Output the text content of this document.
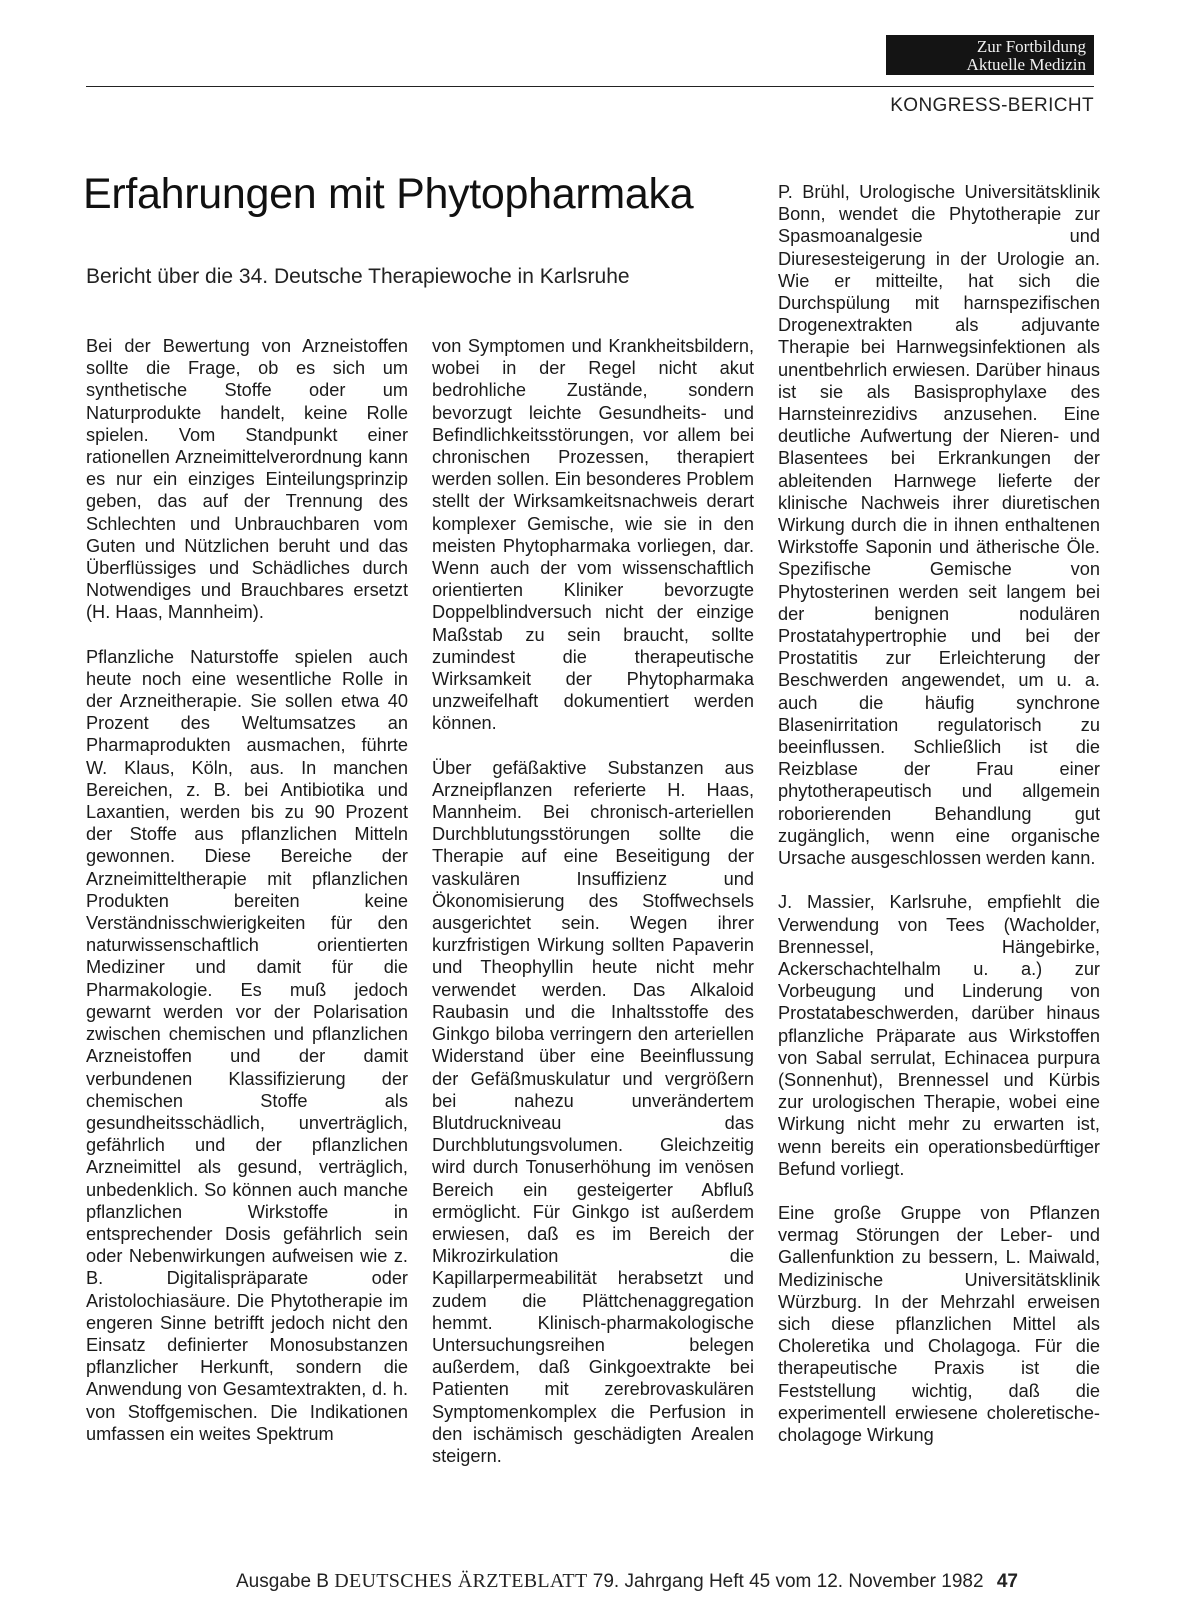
Zur Fortbildung
Aktuelle Medizin
KONGRESS-BERICHT
Erfahrungen mit Phytopharmaka
Bericht über die 34. Deutsche Therapiewoche in Karlsruhe

Bei der Bewertung von Arzneistoffen sollte die Frage, ob es sich um synthetische Stoffe oder um Naturprodukte handelt, keine Rolle spielen. Vom Standpunkt einer rationellen Arzneimittelverordnung kann es nur ein einziges Einteilungsprinzip geben, das auf der Trennung des Schlechten und Unbrauchbaren vom Guten und Nützlichen beruht und das Überflüssiges und Schädliches durch Notwendiges und Brauchbares ersetzt (H. Haas, Mannheim).

Pflanzliche Naturstoffe spielen auch heute noch eine wesentliche Rolle in der Arzneitherapie. Sie sollen etwa 40 Prozent des Weltumsatzes an Pharmaprodukten ausmachen, führte W. Klaus, Köln, aus. In manchen Bereichen, z. B. bei Antibiotika und Laxantien, werden bis zu 90 Prozent der Stoffe aus pflanzlichen Mitteln gewonnen. Diese Bereiche der Arzneimitteltherapie mit pflanzlichen Produkten bereiten keine Verständnisschwierigkeiten für den naturwissenschaftlich orientierten Mediziner und damit für die Pharmakologie. Es muß jedoch gewarnt werden vor der Polarisation zwischen chemischen und pflanzlichen Arzneistoffen und der damit verbundenen Klassifizierung der chemischen Stoffe als gesundheitsschädlich, unverträglich, gefährlich und der pflanzlichen Arzneimittel als gesund, verträglich, unbedenklich. So können auch manche pflanzlichen Wirkstoffe in entsprechender Dosis gefährlich sein oder Nebenwirkungen aufweisen wie z. B. Digitalispräparate oder Aristolochiasäure. Die Phytotherapie im engeren Sinne betrifft jedoch nicht den Einsatz definierter Monosubstanzen pflanzlicher Herkunft, sondern die Anwendung von Gesamtextrakten, d. h. von Stoffgemischen. Die Indikationen umfassen ein weites Spektrum

von Symptomen und Krankheitsbildern, wobei in der Regel nicht akut bedrohliche Zustände, sondern bevorzugt leichte Gesundheits- und Befindlichkeitsstörungen, vor allem bei chronischen Prozessen, therapiert werden sollen. Ein besonderes Problem stellt der Wirksamkeitsnachweis derart komplexer Gemische, wie sie in den meisten Phytopharmaka vorliegen, dar. Wenn auch der vom wissenschaftlich orientierten Kliniker bevorzugte Doppelblindversuch nicht der einzige Maßstab zu sein braucht, sollte zumindest die therapeutische Wirksamkeit der Phytopharmaka unzweifelhaft dokumentiert werden können.

Über gefäßaktive Substanzen aus Arzneipflanzen referierte H. Haas, Mannheim. Bei chronisch-arteriellen Durchblutungsstörungen sollte die Therapie auf eine Beseitigung der vaskulären Insuffizienz und Ökonomisierung des Stoffwechsels ausgerichtet sein. Wegen ihrer kurzfristigen Wirkung sollten Papaverin und Theophyllin heute nicht mehr verwendet werden. Das Alkaloid Raubasin und die Inhaltsstoffe des Ginkgo biloba verringern den arteriellen Widerstand über eine Beeinflussung der Gefäßmuskulatur und vergrößern bei nahezu unverändertem Blutdruckniveau das Durchblutungsvolumen. Gleichzeitig wird durch Tonuserhöhung im venösen Bereich ein gesteigerter Abfluß ermöglicht. Für Ginkgo ist außerdem erwiesen, daß es im Bereich der Mikrozirkulation die Kapillarpermeabilität herabsetzt und zudem die Plättchenaggregation hemmt. Klinisch-pharmakologische Untersuchungsreihen belegen außerdem, daß Ginkgoextrakte bei Patienten mit zerebrovaskulären Symptomenkomplex die Perfusion in den ischämisch geschädigten Arealen steigern.

P. Brühl, Urologische Universitätsklinik Bonn, wendet die Phytotherapie zur Spasmoanalgesie und Diuresesteigerung in der Urologie an. Wie er mitteilte, hat sich die Durchspülung mit harnspezifischen Drogenextrakten als adjuvante Therapie bei Harnwegsinfektionen als unentbehrlich erwiesen. Darüber hinaus ist sie als Basisprophylaxe des Harnsteinrezidivs anzusehen. Eine deutliche Aufwertung der Nieren- und Blasentees bei Erkrankungen der ableitenden Harnwege lieferte der klinische Nachweis ihrer diuretischen Wirkung durch die in ihnen enthaltenen Wirkstoffe Saponin und ätherische Öle. Spezifische Gemische von Phytosterinen werden seit langem bei der benignen nodulären Prostatahypertrophie und bei der Prostatitis zur Erleichterung der Beschwerden angewendet, um u. a. auch die häufig synchrone Blasenirritation regulatorisch zu beeinflussen. Schließlich ist die Reizblase der Frau einer phytotherapeutisch und allgemein roborierenden Behandlung gut zugänglich, wenn eine organische Ursache ausgeschlossen werden kann.

J. Massier, Karlsruhe, empfiehlt die Verwendung von Tees (Wacholder, Brennessel, Hängebirke, Ackerschachtelhalm u. a.) zur Vorbeugung und Linderung von Prostatabeschwerden, darüber hinaus pflanzliche Präparate aus Wirkstoffen von Sabal serrulat, Echinacea purpura (Sonnenhut), Brennessel und Kürbis zur urologischen Therapie, wobei eine Wirkung nicht mehr zu erwarten ist, wenn bereits ein operationsbedürftiger Befund vorliegt.

Eine große Gruppe von Pflanzen vermag Störungen der Leber- und Gallenfunktion zu bessern, L. Maiwald, Medizinische Universitätsklinik Würzburg. In der Mehrzahl erweisen sich diese pflanzlichen Mittel als Choleretika und Cholagoga. Für die therapeutische Praxis ist die Feststellung wichtig, daß die experimentell erwiesene choleretische-cholagoge Wirkung

Ausgabe B DEUTSCHES ÄRZTEBLATT 79. Jahrgang Heft 45 vom 12. November 1982 47
